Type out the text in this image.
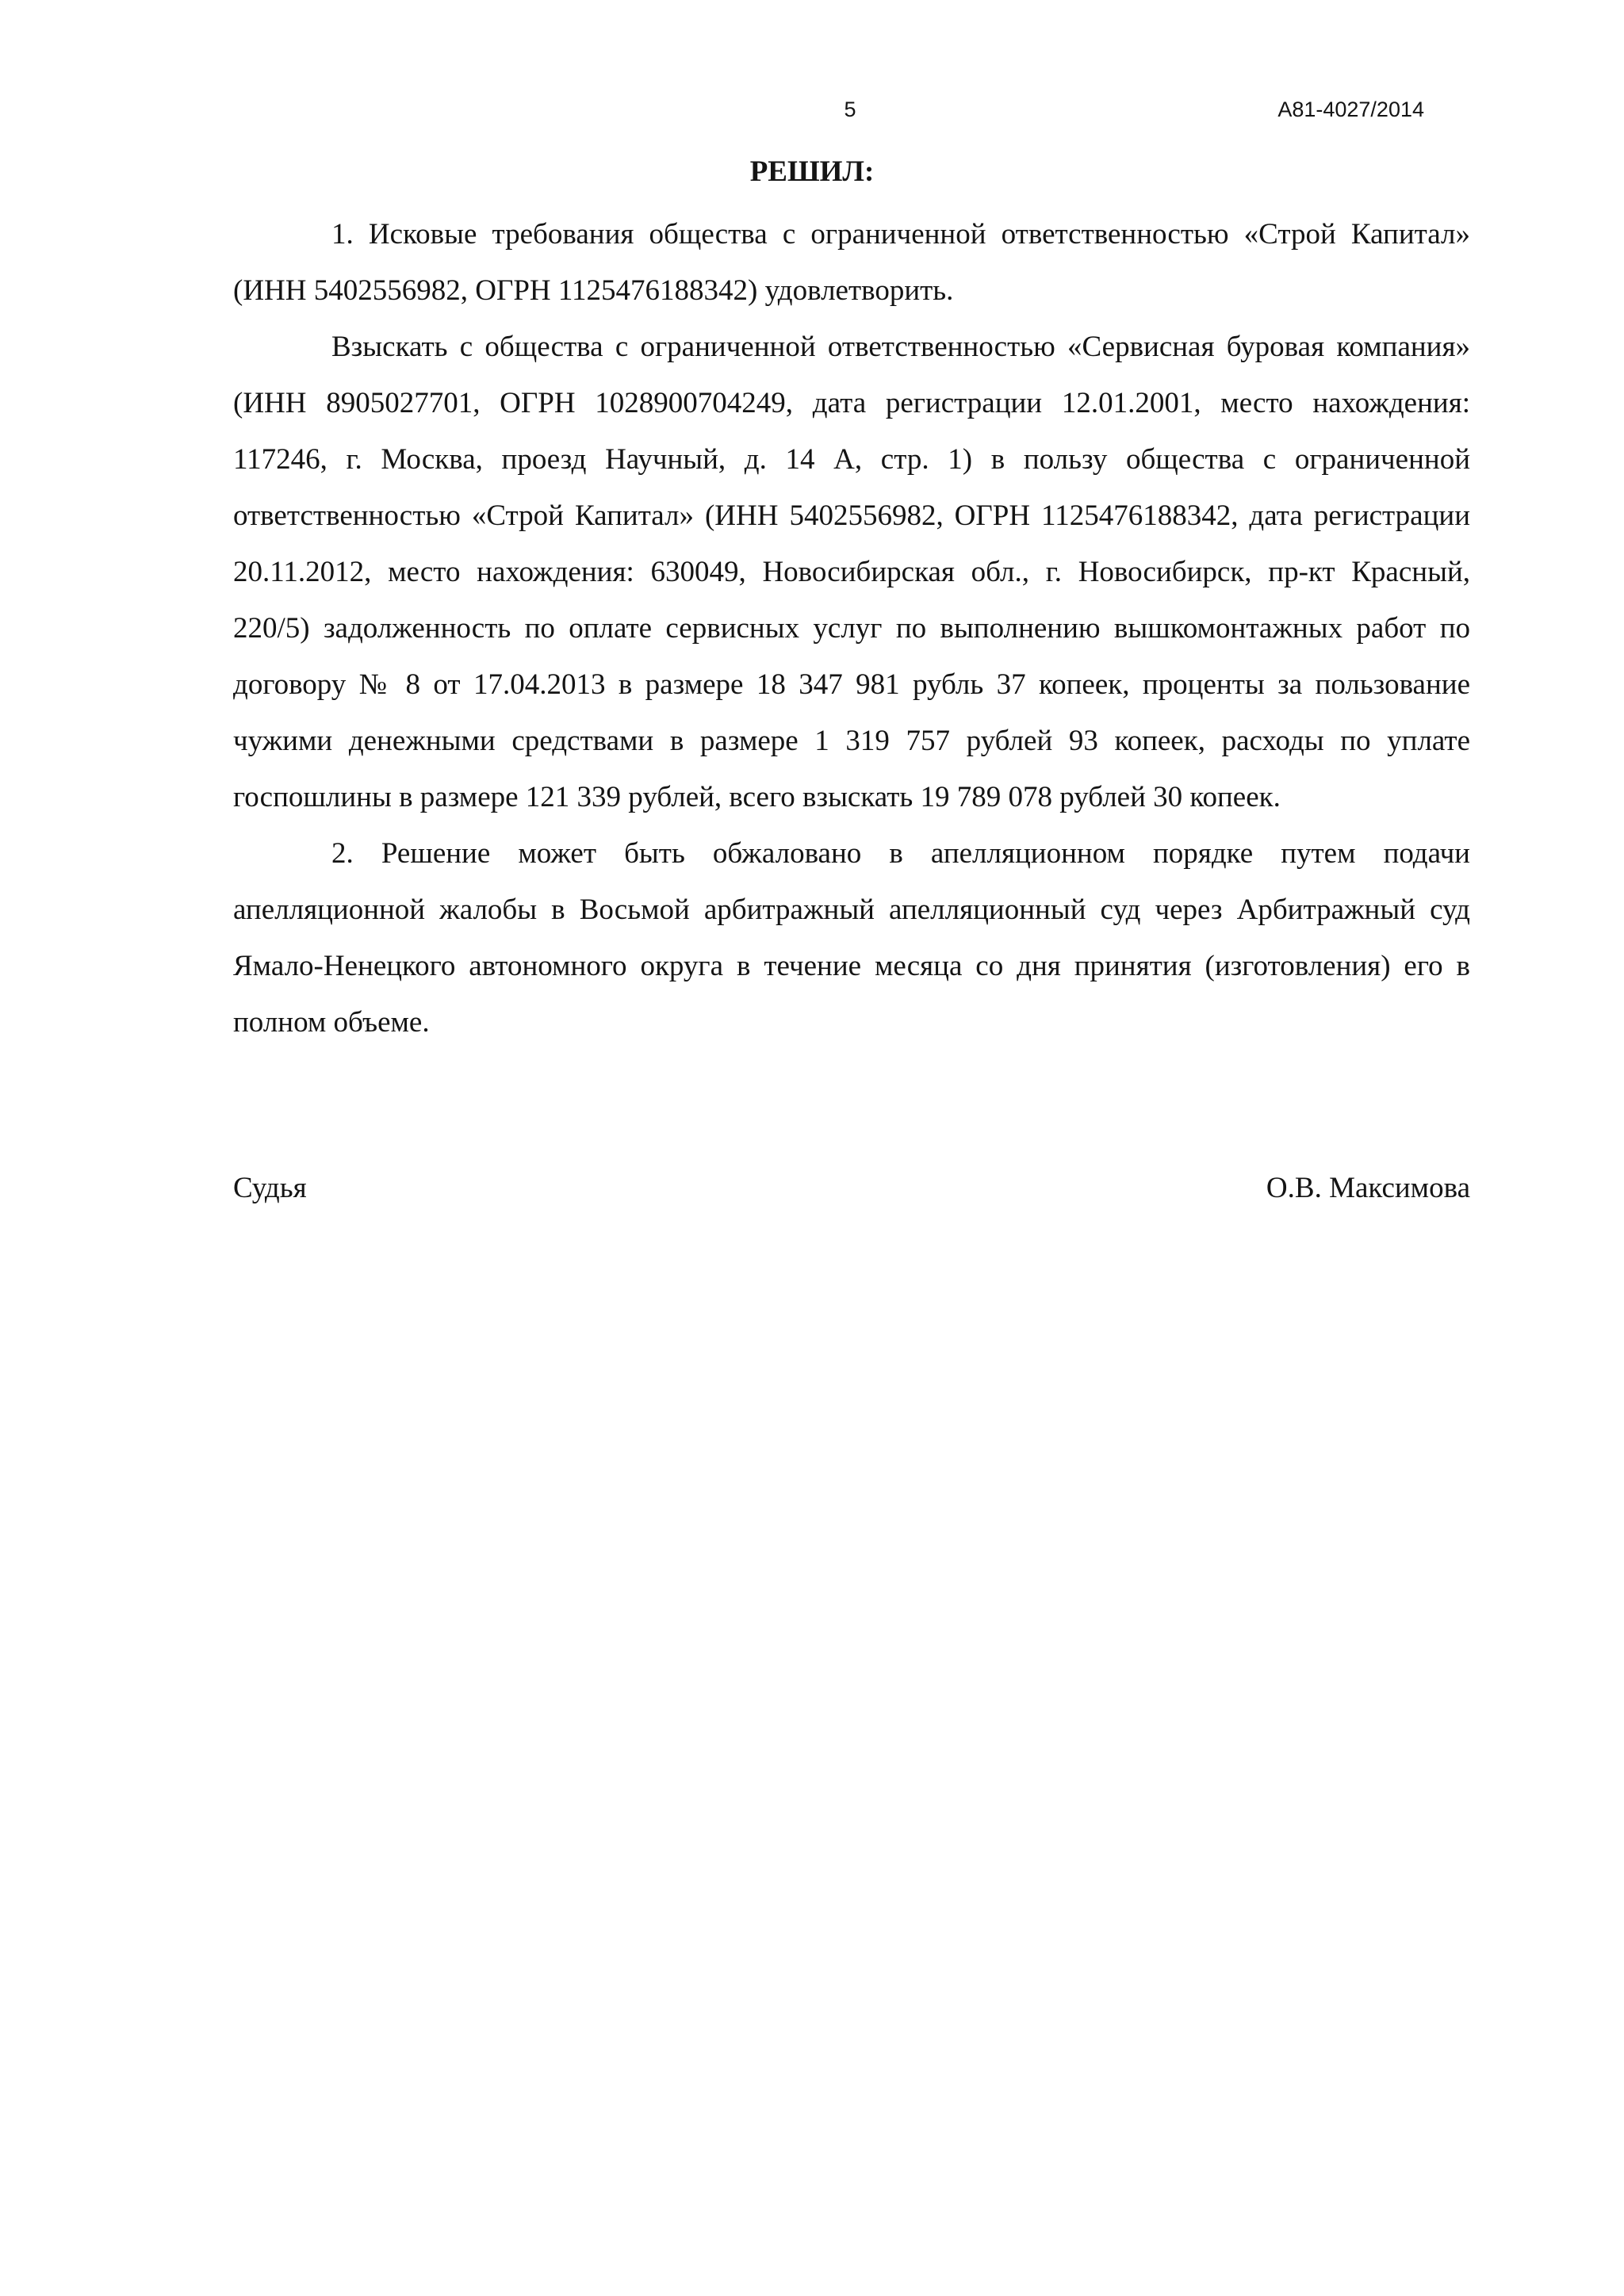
5	А81-4027/2014
РЕШИЛ:

1. Исковые требования общества с ограниченной ответственностью «Строй Капитал» (ИНН 5402556982, ОГРН 1125476188342) удовлетворить.

Взыскать с общества с ограниченной ответственностью «Сервисная буровая компания» (ИНН 8905027701, ОГРН 1028900704249, дата регистрации 12.01.2001, место нахождения: 117246, г. Москва, проезд Научный, д. 14 А, стр. 1) в пользу общества с ограниченной ответственностью «Строй Капитал» (ИНН 5402556982, ОГРН 1125476188342, дата регистрации 20.11.2012, место нахождения: 630049, Новосибирская обл., г. Новосибирск, пр-кт Красный, 220/5) задолженность по оплате сервисных услуг по выполнению вышкомонтажных работ по договору № 8 от 17.04.2013 в размере 18 347 981 рубль 37 копеек, проценты за пользование чужими денежными средствами в размере 1 319 757 рублей 93 копеек, расходы по уплате госпошлины в размере 121 339 рублей, всего взыскать 19 789 078 рублей 30 копеек.

2. Решение может быть обжаловано в апелляционном порядке путем подачи апелляционной жалобы в Восьмой арбитражный апелляционный суд через Арбитражный суд Ямало-Ненецкого автономного округа в течение месяца со дня принятия (изготовления) его в полном объеме.

Судья	О.В. Максимова
